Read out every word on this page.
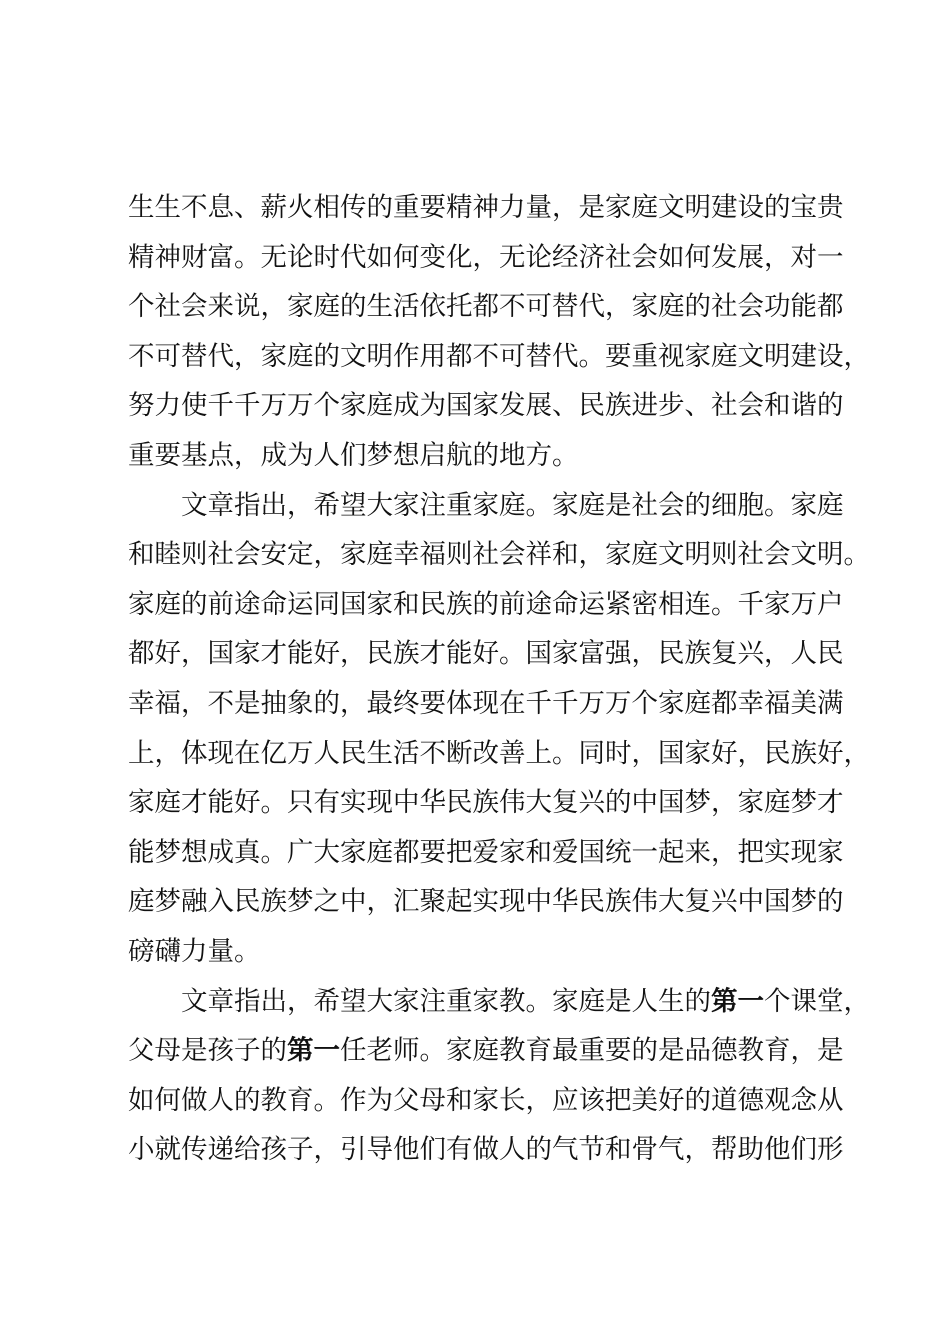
生生不息、薪火相传的重要精神力量，是家庭文明建设的宝贵
精神财富。无论时代如何变化，无论经济社会如何发展，对一
个社会来说，家庭的生活依托都不可替代，家庭的社会功能都
不可替代，家庭的文明作用都不可替代。要重视家庭文明建设，
努力使千千万万个家庭成为国家发展、民族进步、社会和谐的
重要基点，成为人们梦想启航的地方。
文章指出，希望大家注重家庭。家庭是社会的细胞。家庭
和睦则社会安定，家庭幸福则社会祥和，家庭文明则社会文明。
家庭的前途命运同国家和民族的前途命运紧密相连。千家万户
都好，国家才能好，民族才能好。国家富强，民族复兴，人民
幸福，不是抽象的，最终要体现在千千万万个家庭都幸福美满
上，体现在亿万人民生活不断改善上。同时，国家好，民族好，
家庭才能好。只有实现中华民族伟大复兴的中国梦，家庭梦才
能梦想成真。广大家庭都要把爱家和爱国统一起来，把实现家
庭梦融入民族梦之中，汇聚起实现中华民族伟大复兴中国梦的
磅礴力量。
文章指出，希望大家注重家教。家庭是人生的第一个课堂，
父母是孩子的第一任老师。家庭教育最重要的是品德教育，是
如何做人的教育。作为父母和家长，应该把美好的道德观念从
小就传递给孩子，引导他们有做人的气节和骨气，帮助他们形
